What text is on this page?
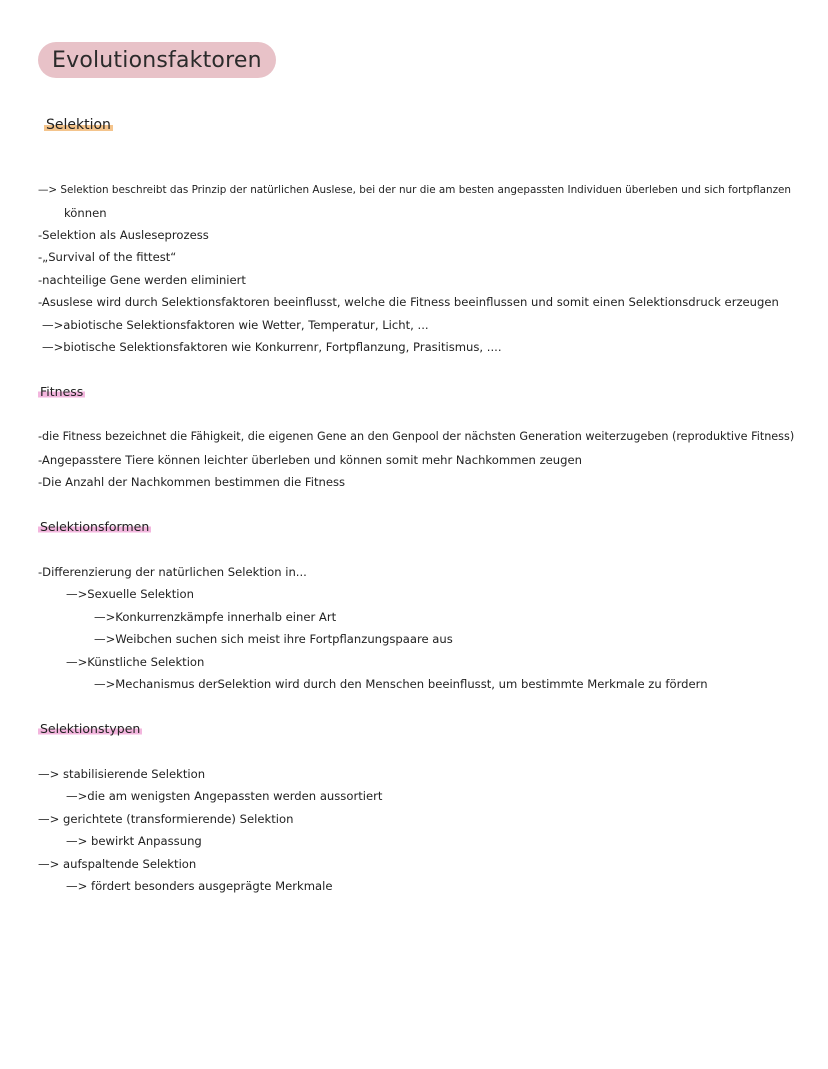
Evolutionsfaktoren
Selektion
—> Selektion beschreibt das Prinzip der natürlichen Auslese, bei der nur die am besten angepassten Individuen überleben und sich fortpflanzen
können
-Selektion als Ausleseprozess
-„Survival of the fittest“
-nachteilige Gene werden eliminiert
-Asuslese wird durch Selektionsfaktoren beeinflusst, welche die Fitness beeinflussen und somit einen Selektionsdruck erzeugen
—>abiotische Selektionsfaktoren wie Wetter, Temperatur, Licht, ...
—>biotische Selektionsfaktoren wie Konkurrenr, Fortpflanzung, Prasitismus, ....
Fitness
-die Fitness bezeichnet die Fähigkeit, die eigenen Gene an den Genpool der nächsten Generation weiterzugeben (reproduktive Fitness)
-Angepasstere Tiere können leichter überleben und können somit mehr Nachkommen zeugen
-Die Anzahl der Nachkommen bestimmen die Fitness
Selektionsformen
-Differenzierung der natürlichen Selektion in...
—>Sexuelle Selektion
—>Konkurrenzkämpfe innerhalb einer Art
—>Weibchen suchen sich meist ihre Fortpflanzungspaare aus
—>Künstliche Selektion
—>Mechanismus derSelektion wird durch den Menschen beeinflusst, um bestimmte Merkmale zu fördern
Selektionstypen
—> stabilisierende Selektion
—>die am wenigsten Angepassten werden aussortiert
—> gerichtete (transformierende) Selektion
—> bewirkt Anpassung
—> aufspaltende Selektion
—> fördert besonders ausgeprägte Merkmale
